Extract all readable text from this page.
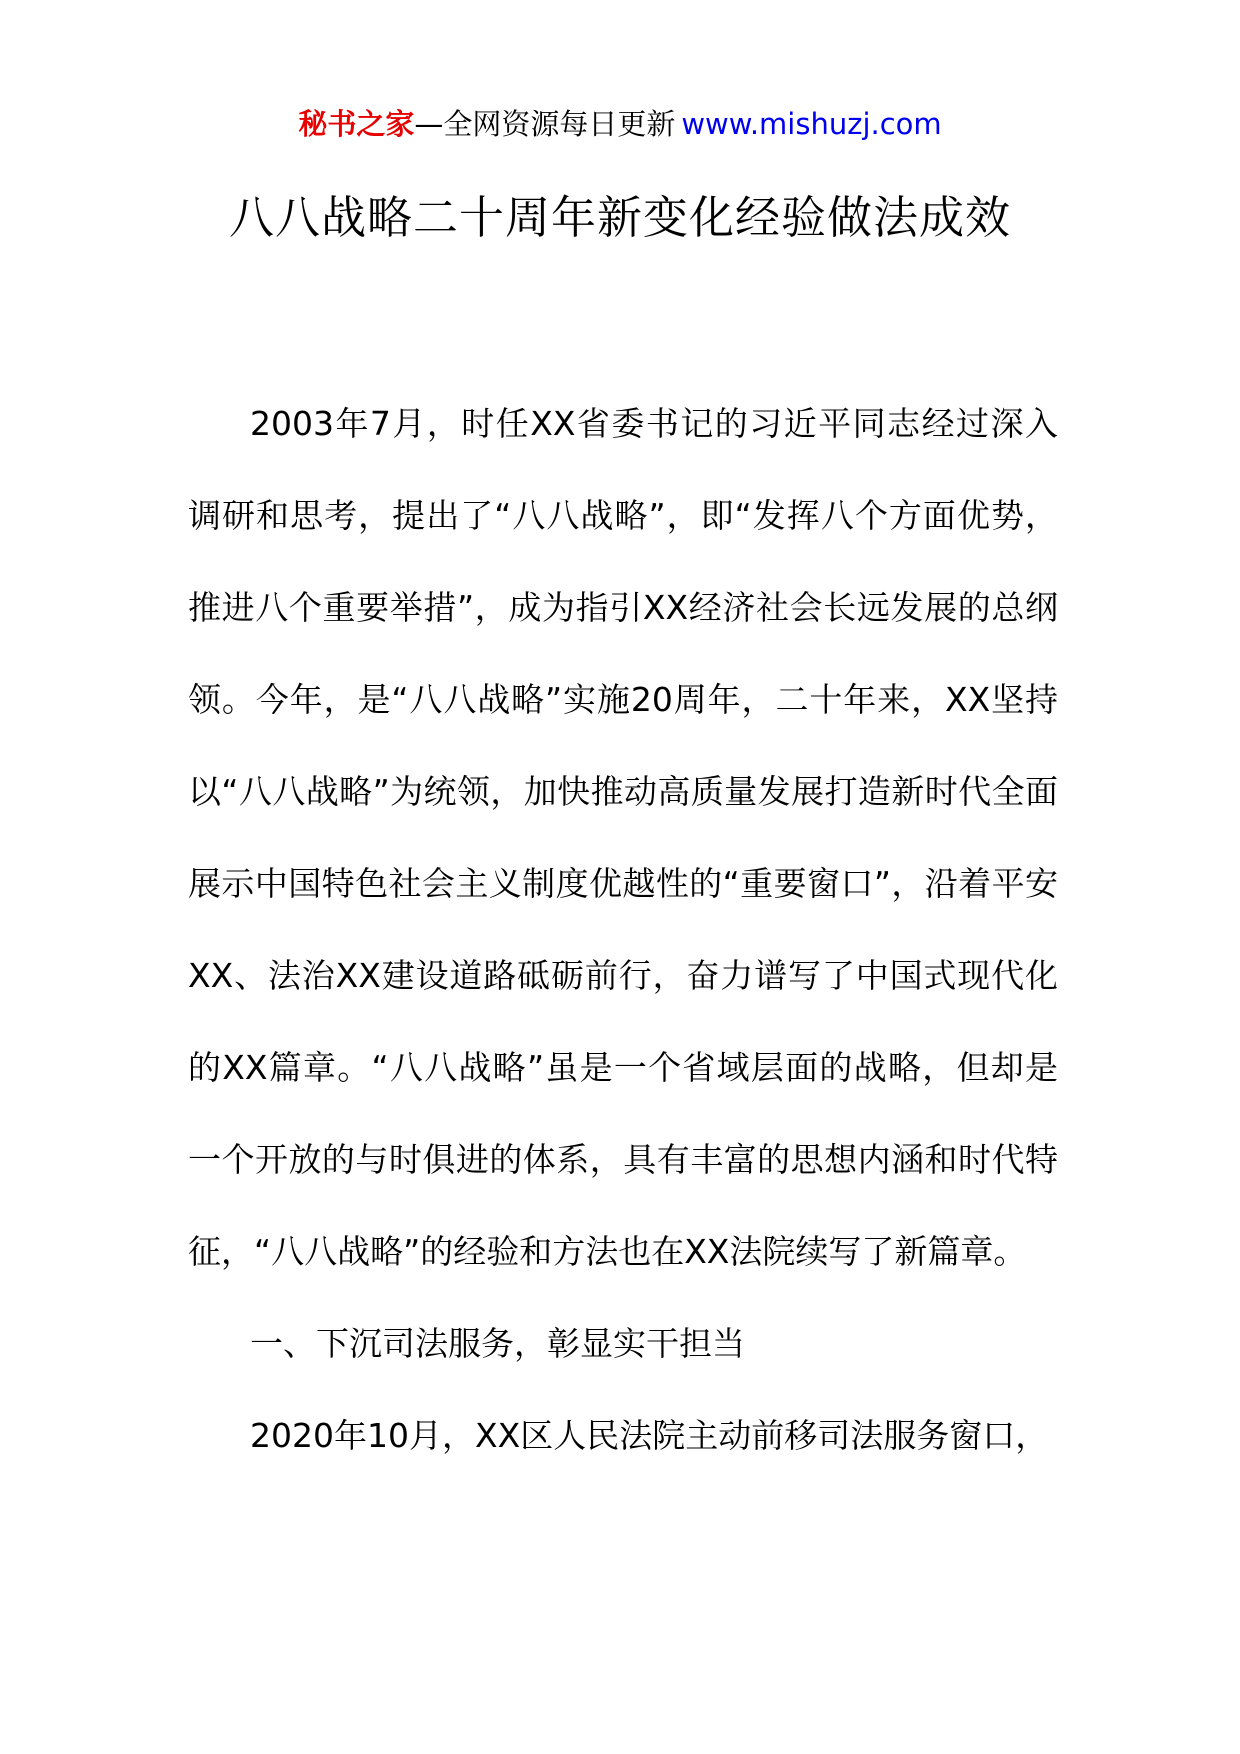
秘书之家—全网资源每日更新 www.mishuzj.com
八八战略二十周年新变化经验做法成效

2003年7月，时任XX省委书记的习近平同志经过深入调研和思考，提出了“八八战略”，即“发挥八个方面优势，推进八个重要举措”，成为指引XX经济社会长远发展的总纲领。今年，是“八八战略”实施20周年，二十年来，XX坚持以“八八战略”为统领，加快推动高质量发展打造新时代全面展示中国特色社会主义制度优越性的“重要窗口”，沿着平安XX、法治XX建设道路砥砺前行，奋力谱写了中国式现代化的XX篇章。“八八战略”虽是一个省域层面的战略，但却是一个开放的与时俱进的体系，具有丰富的思想内涵和时代特征，“八八战略”的经验和方法也在XX法院续写了新篇章。

一、下沉司法服务，彰显实干担当

2020年10月，XX区人民法院主动前移司法服务窗口，
